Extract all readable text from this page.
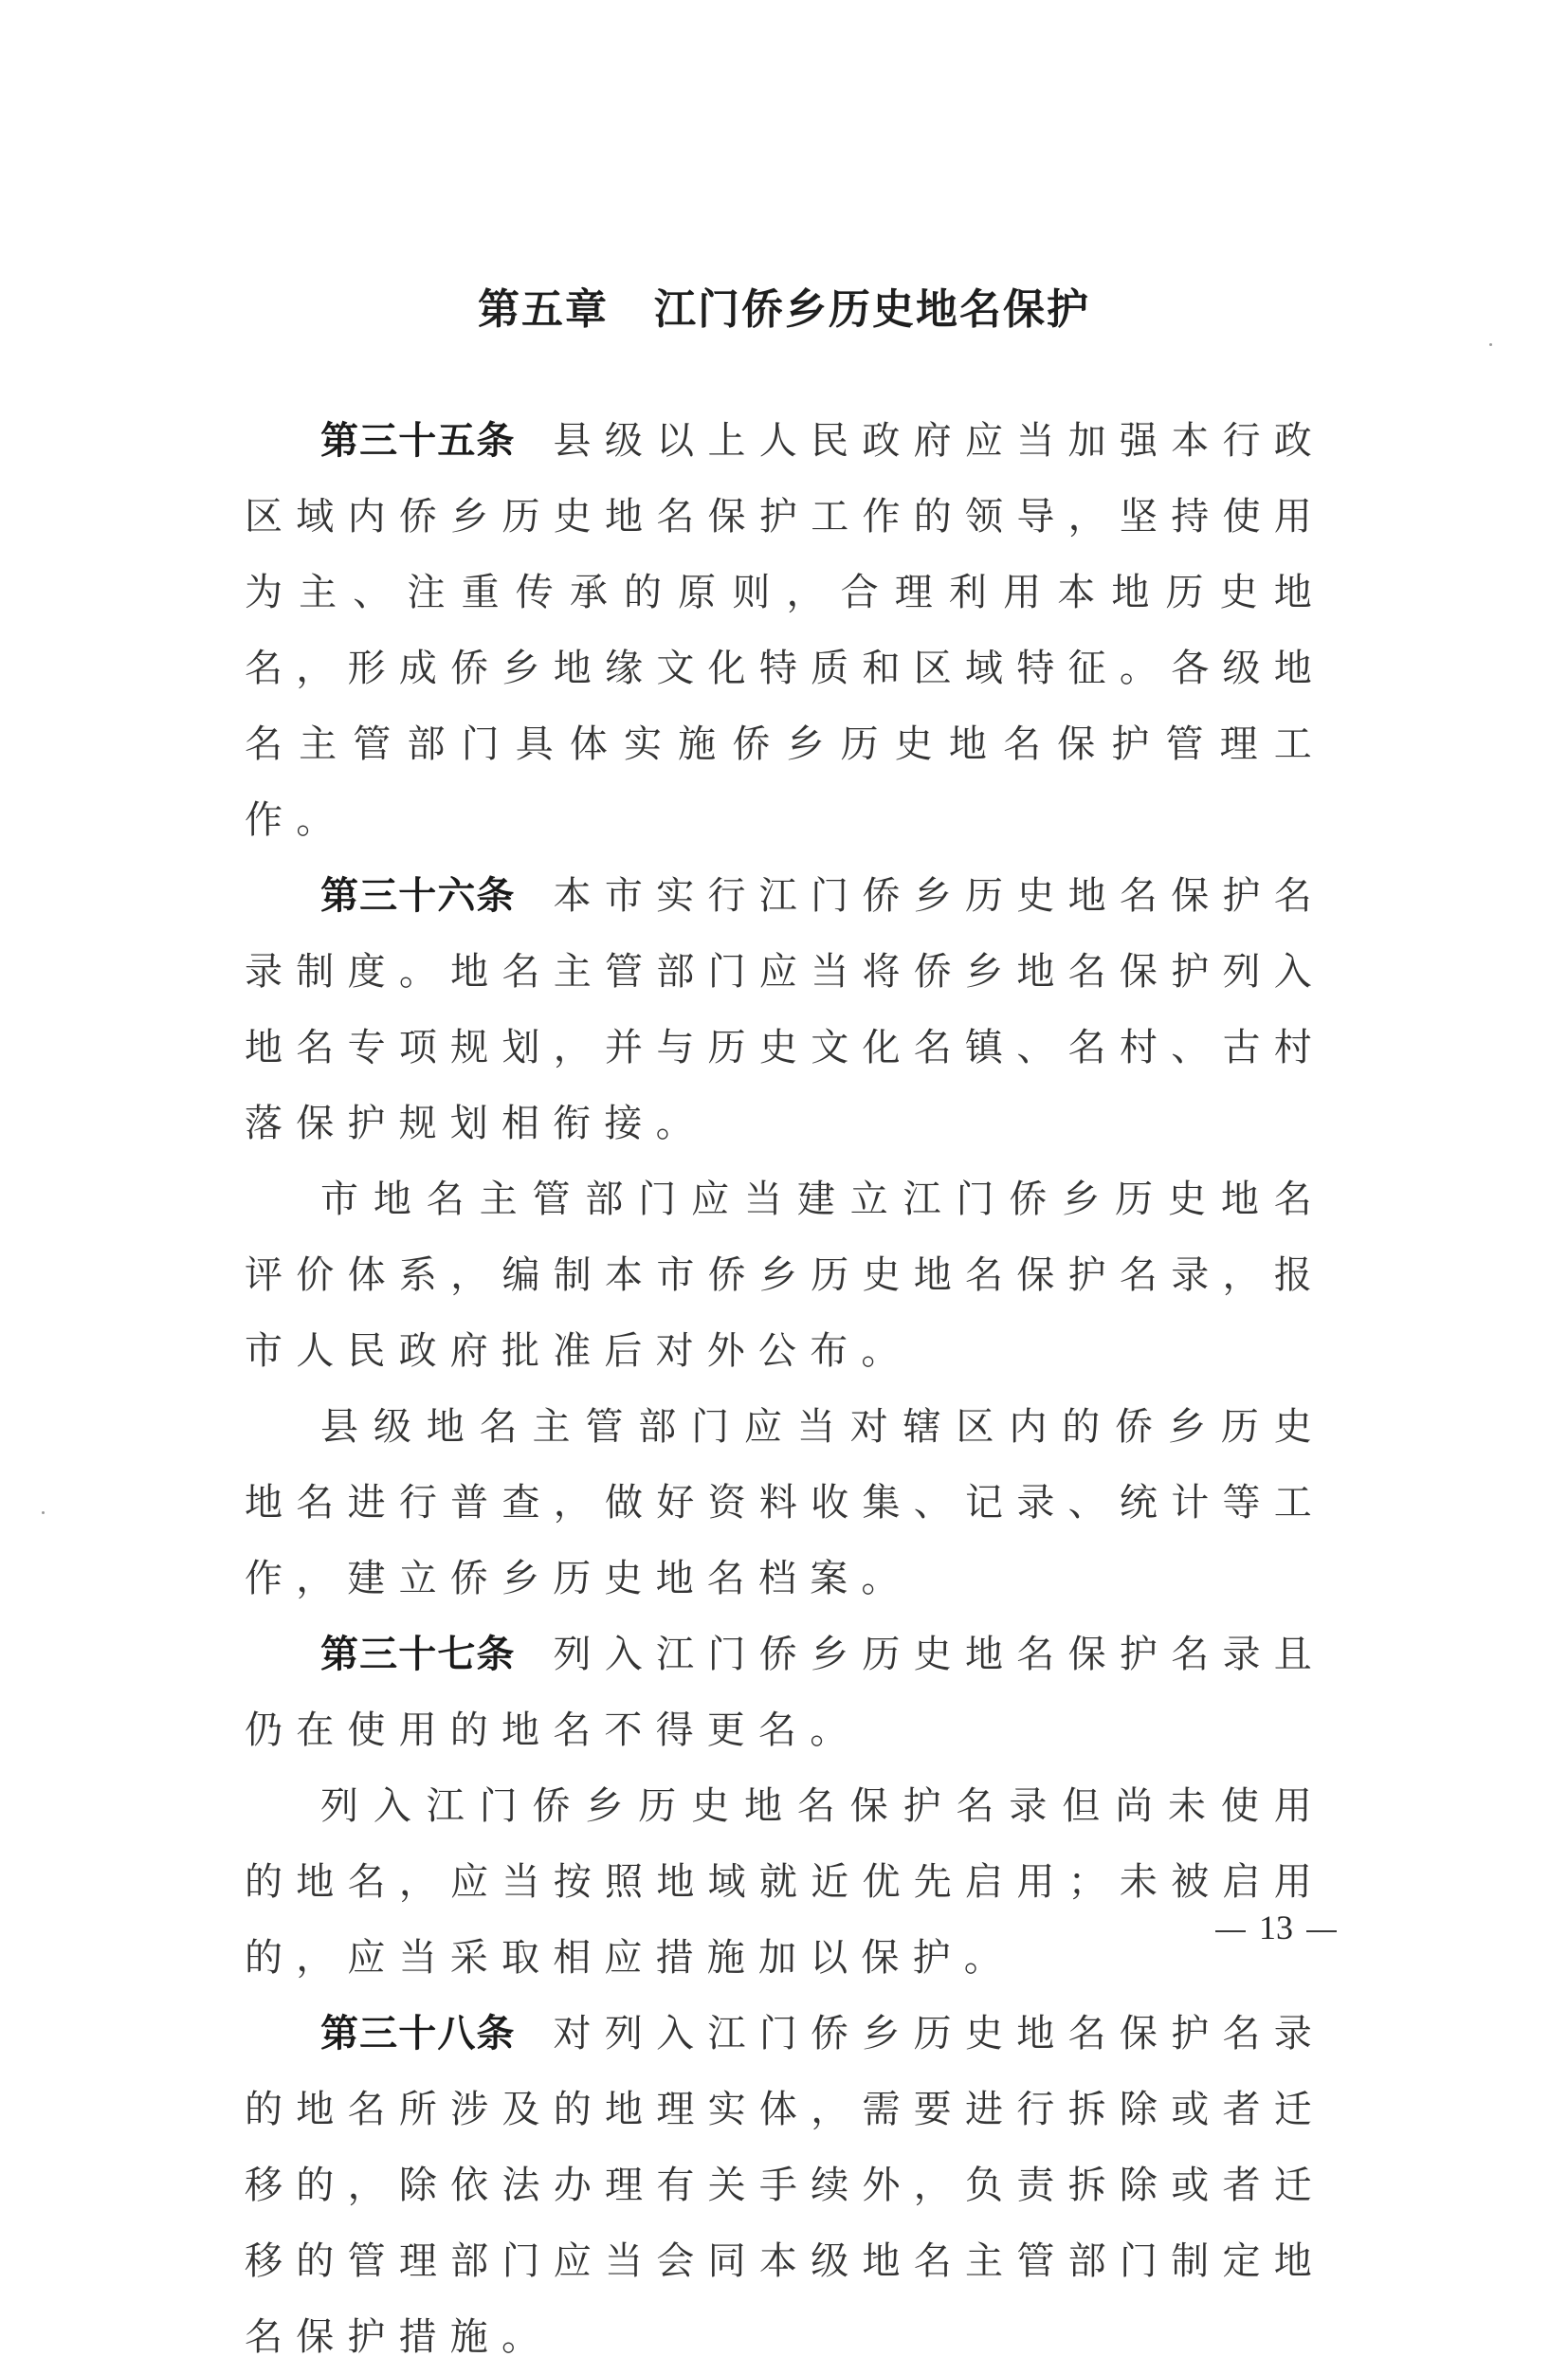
第五章 江门侨乡历史地名保护

第三十五条 县级以上人民政府应当加强本行政区域内侨乡历史地名保护工作的领导，坚持使用为主、注重传承的原则，合理利用本地历史地名，形成侨乡地缘文化特质和区域特征。各级地名主管部门具体实施侨乡历史地名保护管理工作。

第三十六条 本市实行江门侨乡历史地名保护名录制度。地名主管部门应当将侨乡地名保护列入地名专项规划，并与历史文化名镇、名村、古村落保护规划相衔接。

市地名主管部门应当建立江门侨乡历史地名评价体系，编制本市侨乡历史地名保护名录，报市人民政府批准后对外公布。

县级地名主管部门应当对辖区内的侨乡历史地名进行普查，做好资料收集、记录、统计等工作，建立侨乡历史地名档案。

第三十七条 列入江门侨乡历史地名保护名录且仍在使用的地名不得更名。

列入江门侨乡历史地名保护名录但尚未使用的地名，应当按照地域就近优先启用；未被启用的，应当采取相应措施加以保护。

第三十八条 对列入江门侨乡历史地名保护名录的地名所涉及的地理实体，需要进行拆除或者迁移的，除依法办理有关手续外，负责拆除或者迁移的管理部门应当会同本级地名主管部门制定地名保护措施。

13
